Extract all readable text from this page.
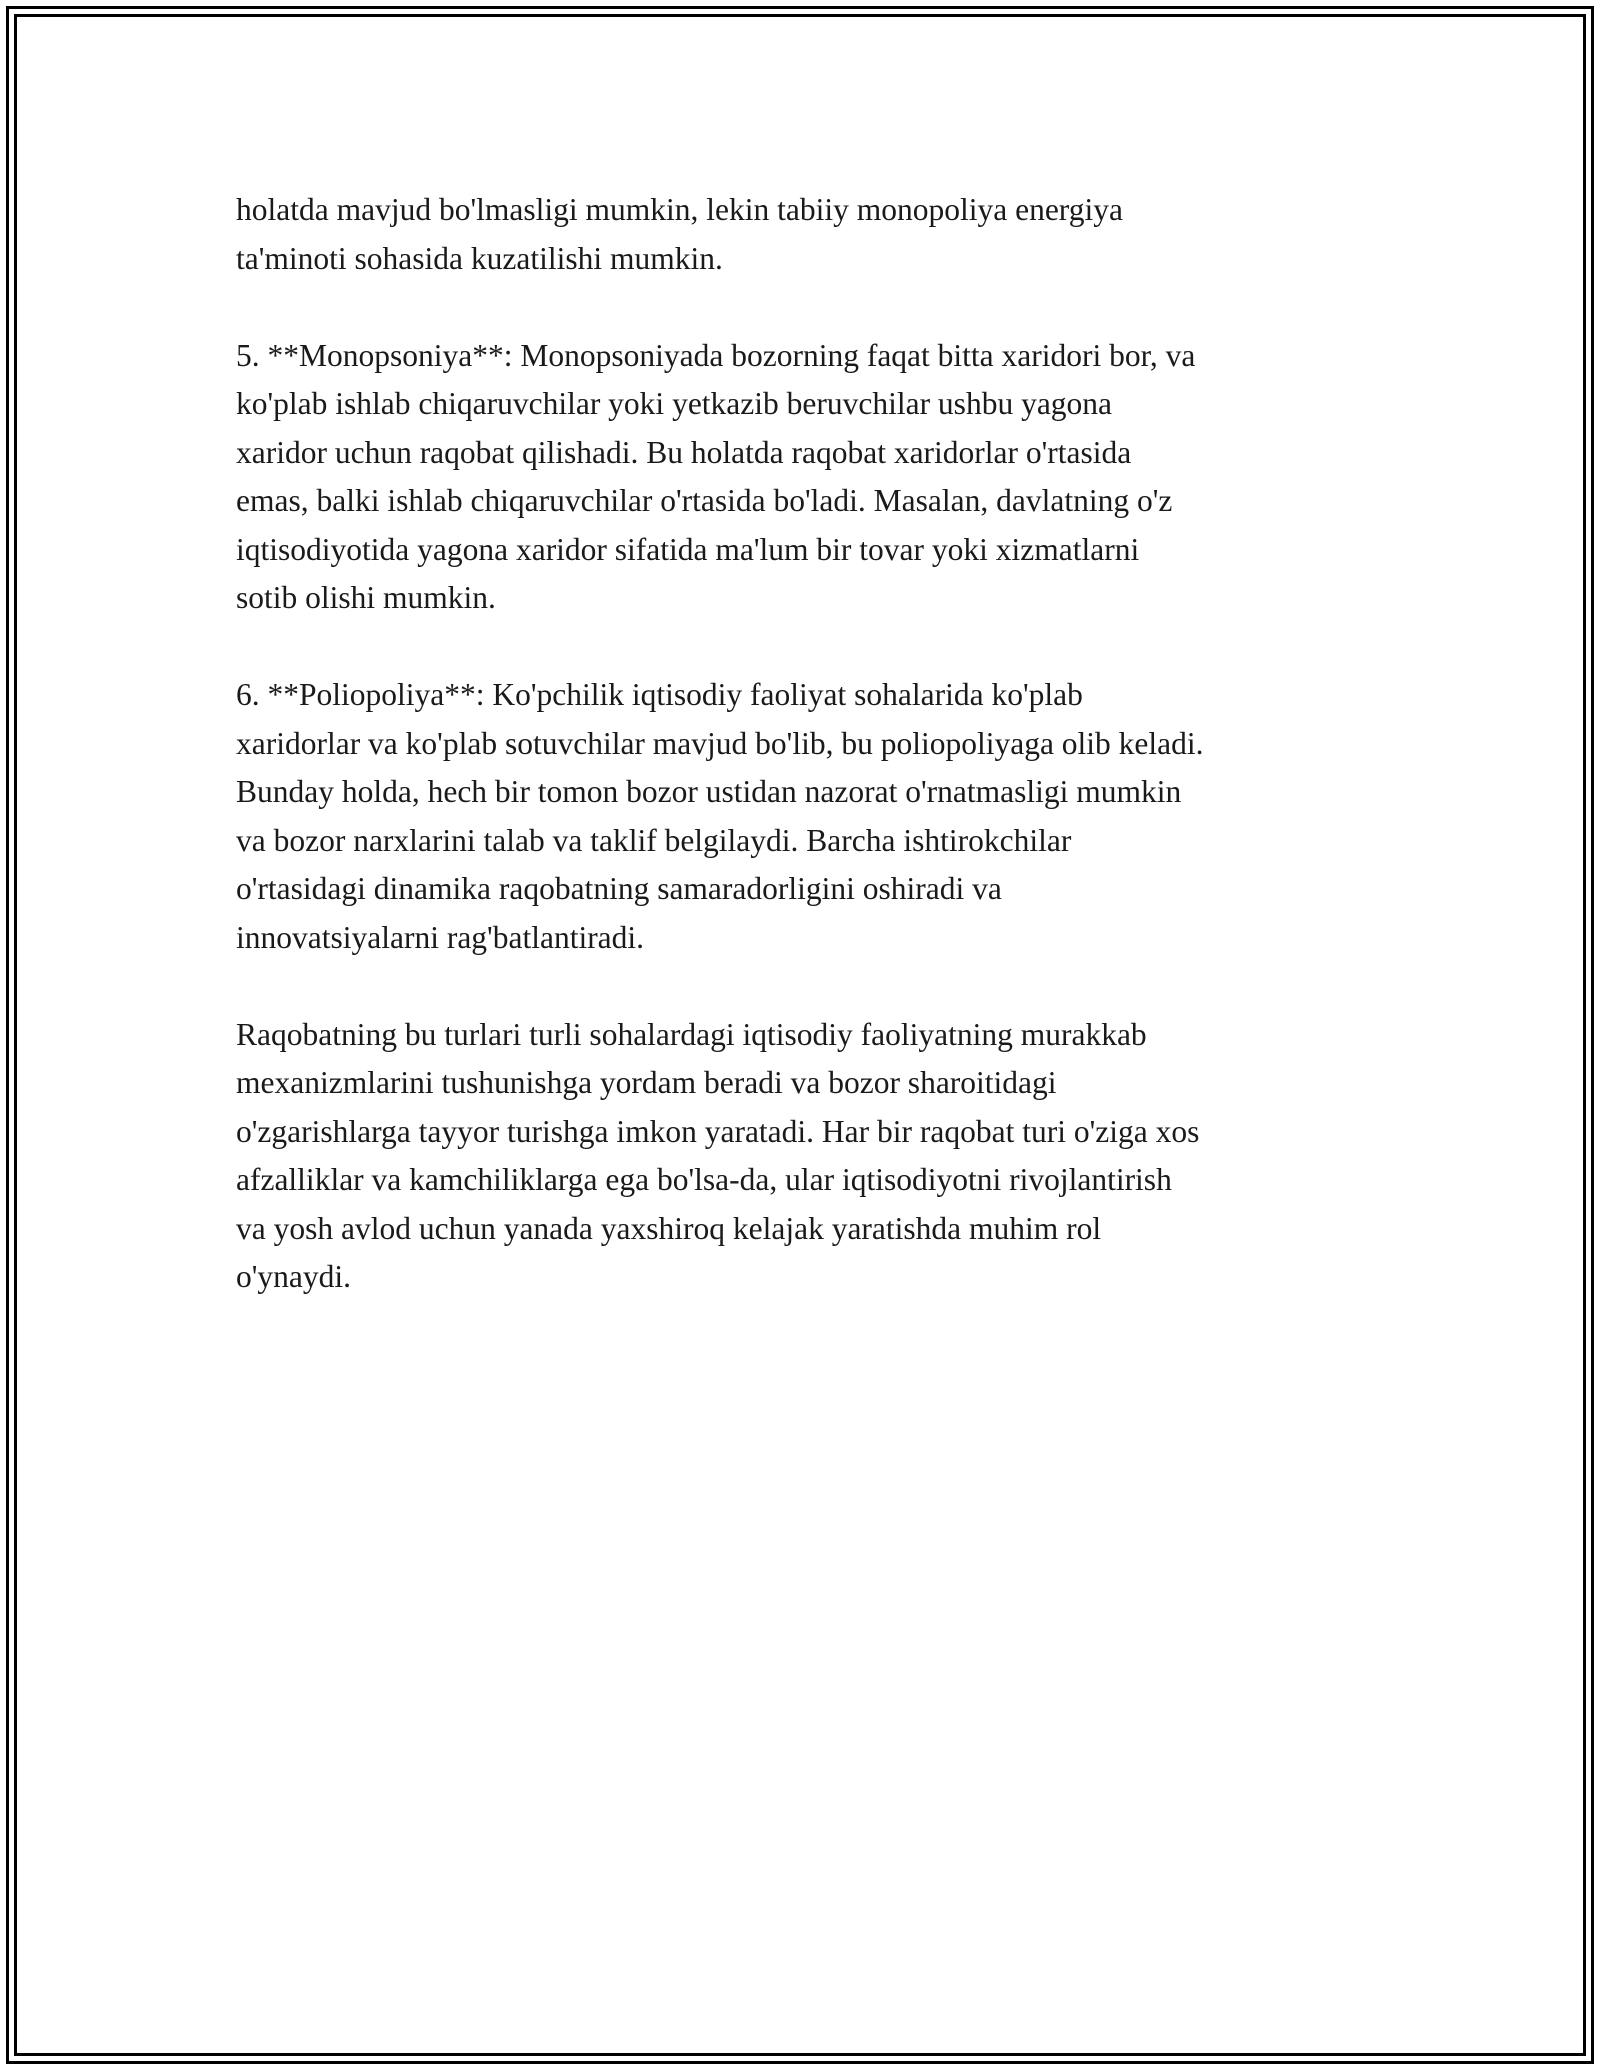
holatda mavjud bo'lmasligi mumkin, lekin tabiiy monopoliya energiya
ta'minoti sohasida kuzatilishi mumkin.
5. **Monopsoniya**: Monopsoniyada bozorning faqat bitta xaridori bor, va
ko'plab ishlab chiqaruvchilar yoki yetkazib beruvchilar ushbu yagona
xaridor uchun raqobat qilishadi. Bu holatda raqobat xaridorlar o'rtasida
emas, balki ishlab chiqaruvchilar o'rtasida bo'ladi. Masalan, davlatning o'z
iqtisodiyotida yagona xaridor sifatida ma'lum bir tovar yoki xizmatlarni
sotib olishi mumkin.
6. **Poliopoliya**: Ko'pchilik iqtisodiy faoliyat sohalarida ko'plab
xaridorlar va ko'plab sotuvchilar mavjud bo'lib, bu poliopoliyaga olib keladi.
Bunday holda, hech bir tomon bozor ustidan nazorat o'rnatmasligi mumkin
va bozor narxlarini talab va taklif belgilaydi. Barcha ishtirokchilar
o'rtasidagi dinamika raqobatning samaradorligini oshiradi va
innovatsiyalarni rag'batlantiradi.
Raqobatning bu turlari turli sohalardagi iqtisodiy faoliyatning murakkab
mexanizmlarini tushunishga yordam beradi va bozor sharoitidagi
o'zgarishlarga tayyor turishga imkon yaratadi. Har bir raqobat turi o'ziga xos
afzalliklar va kamchiliklarga ega bo'lsa-da, ular iqtisodiyotni rivojlantirish
va yosh avlod uchun yanada yaxshiroq kelajak yaratishda muhim rol
o'ynaydi.
